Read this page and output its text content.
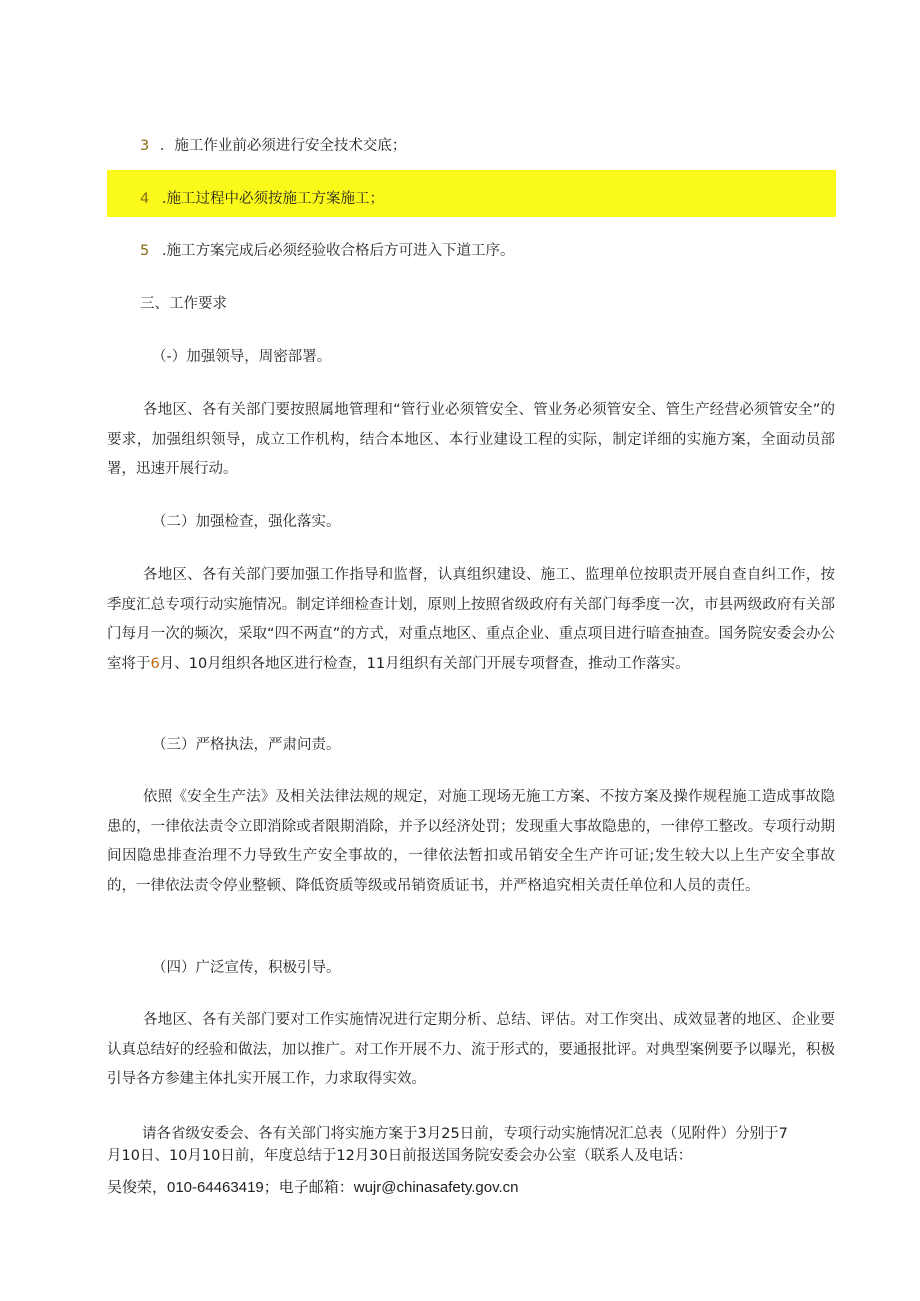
3 ．施工作业前必须进行安全技术交底；
4 .施工过程中必须按施工方案施工；
5 .施工方案完成后必须经验收合格后方可进入下道工序。
三、工作要求
（-）加强领导，周密部署。
各地区、各有关部门要按照属地管理和“管行业必须管安全、管业务必须管安全、管生产经营必须管安全”的要求，加强组织领导，成立工作机构，结合本地区、本行业建设工程的实际，制定详细的实施方案，全面动员部署，迅速开展行动。
（二）加强检查，强化落实。
各地区、各有关部门要加强工作指导和监督，认真组织建设、施工、监理单位按职责开展自查自纠工作，按季度汇总专项行动实施情况。制定详细检查计划，原则上按照省级政府有关部门每季度一次，市县两级政府有关部门每月一次的频次，采取“四不两直”的方式，对重点地区、重点企业、重点项目进行暗查抽查。国务院安委会办公室将于6月、10月组织各地区进行检查，11月组织有关部门开展专项督查，推动工作落实。
（三）严格执法，严肃问责。
依照《安全生产法》及相关法律法规的规定，对施工现场无施工方案、不按方案及操作规程施工造成事故隐患的，一律依法责令立即消除或者限期消除，并予以经济处罚；发现重大事故隐患的，一律停工整改。专项行动期间因隐患排查治理不力导致生产安全事故的，一律依法暂扣或吊销安全生产许可证;发生较大以上生产安全事故的，一律依法责令停业整顿、降低资质等级或吊销资质证书，并严格追究相关责任单位和人员的责任。
（四）广泛宣传，积极引导。
各地区、各有关部门要对工作实施情况进行定期分析、总结、评估。对工作突出、成效显著的地区、企业要认真总结好的经验和做法，加以推广。对工作开展不力、流于形式的，要通报批评。对典型案例要予以曝光，积极引导各方参建主体扎实开展工作，力求取得实效。
请各省级安委会、各有关部门将实施方案于3月25日前，专项行动实施情况汇总表（见附件）分别于7
月10日、10月10日前，年度总结于12月30日前报送国务院安委会办公室（联系人及电话：
吴俊荣，010-64463419；电子邮箱：wujr@chinasafety.gov.cn
